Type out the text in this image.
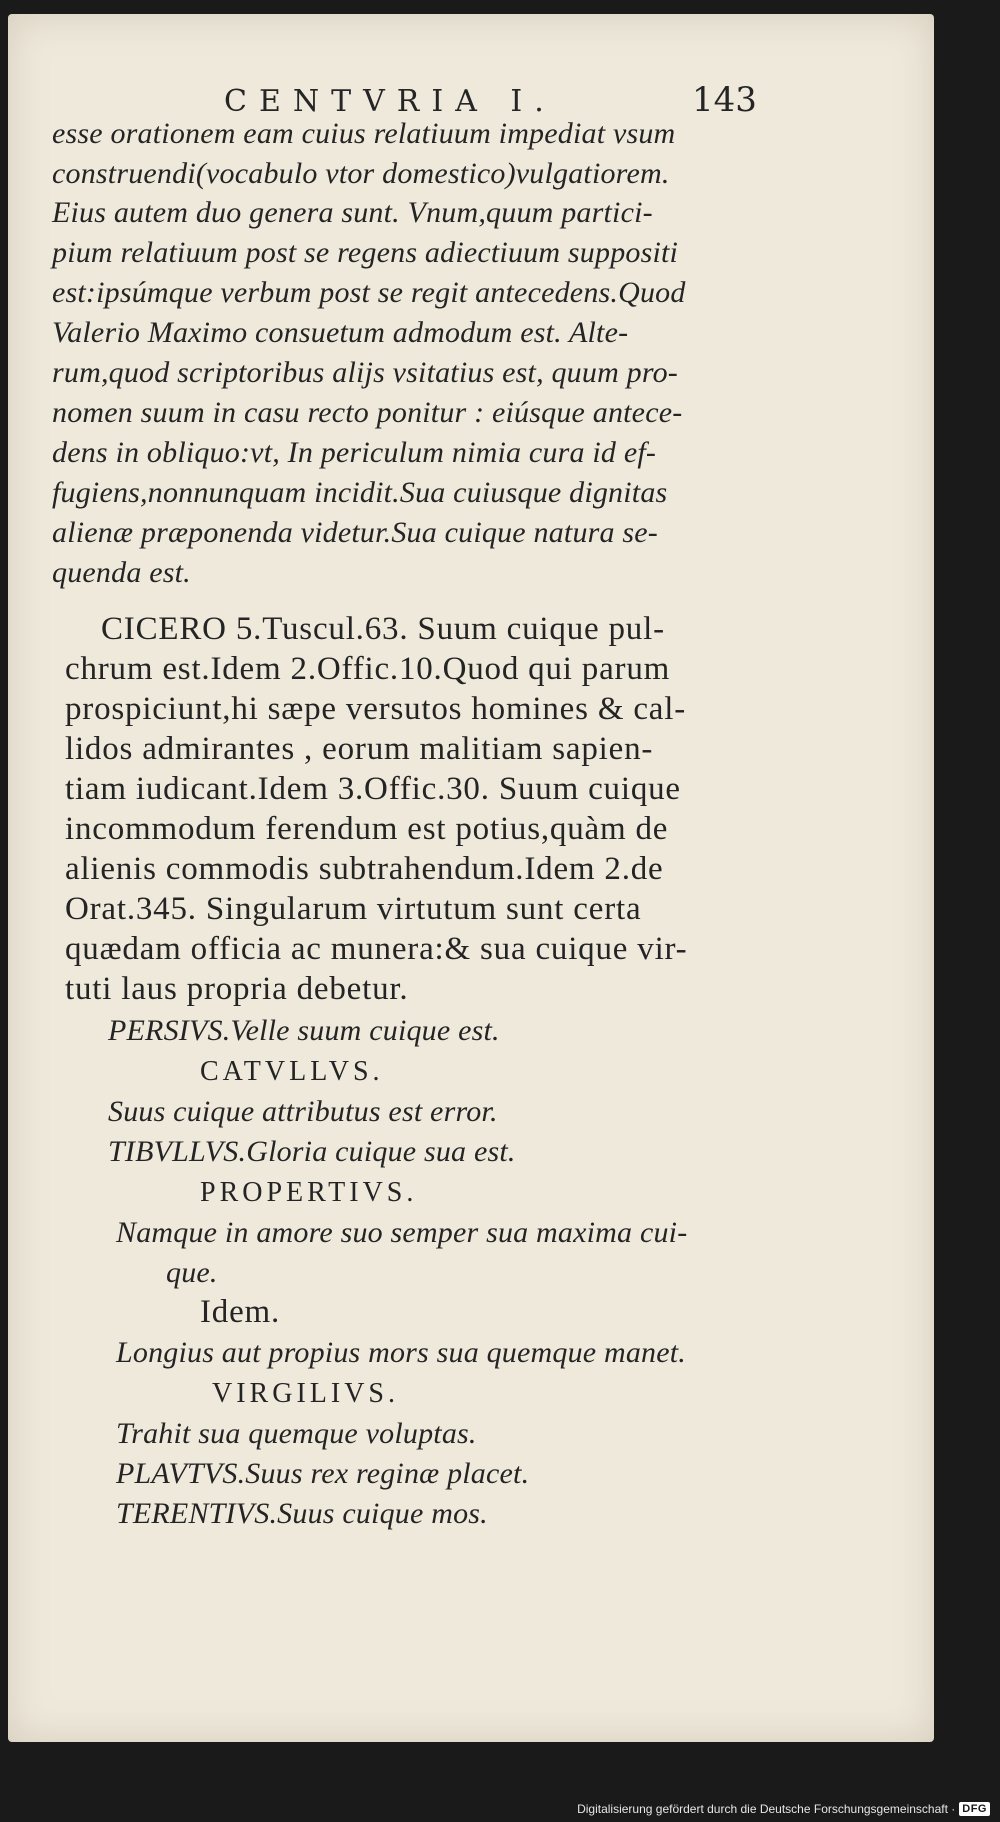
CENTVRIA I.	143
esse orationem eam cuius relatiuum impediat vsum
construendi(vocabulo vtor domestico)vulgatiorem.
Eius autem duo genera sunt. Vnum,quum partici-
pium relatiuum post se regens adiectiuum suppositi
est:ipsúmque verbum post se regit antecedens.Quod
Valerio Maximo consuetum admodum est. Alte-
rum,quod scriptoribus alijs vsitatius est, quum pro-
nomen suum in casu recto ponitur : eiúsque antece-
dens in obliquo:vt, In periculum nimia cura id ef-
fugiens,nonnunquam incidit.Sua cuiusque dignitas
alienæ præponenda videtur.Sua cuique natura se-
quenda est.
CICERO 5.Tuscul.63. Suum cuique pul-
chrum est.Idem 2.Offic.10.Quod qui parum
prospiciunt,hi sæpe versutos homines & cal-
lidos admirantes , eorum malitiam sapien-
tiam iudicant.Idem 3.Offic.30. Suum cuique
incommodum ferendum est potius,quàm de
alienis commodis subtrahendum.Idem 2.de
Orat.345. Singularum virtutum sunt certa
quædam officia ac munera:& sua cuique vir-
tuti laus propria debetur.
PERSIVS.Velle suum cuique est.
CATVLLVS.
Suus cuique attributus est error.
TIBVLLVS.Gloria cuique sua est.
PROPERTIVS.
Namque in amore suo semper sua maxima cui-
que.
Idem.
Longius aut propius mors sua quemque manet.
VIRGILIVS.
Trahit sua quemque voluptas.
PLAVTVS.Suus rex reginæ placet.
TERENTIVS.Suus cuique mos.
Digitalisierung gefördert durch die Deutsche Forschungsgemeinschaft · DFG
